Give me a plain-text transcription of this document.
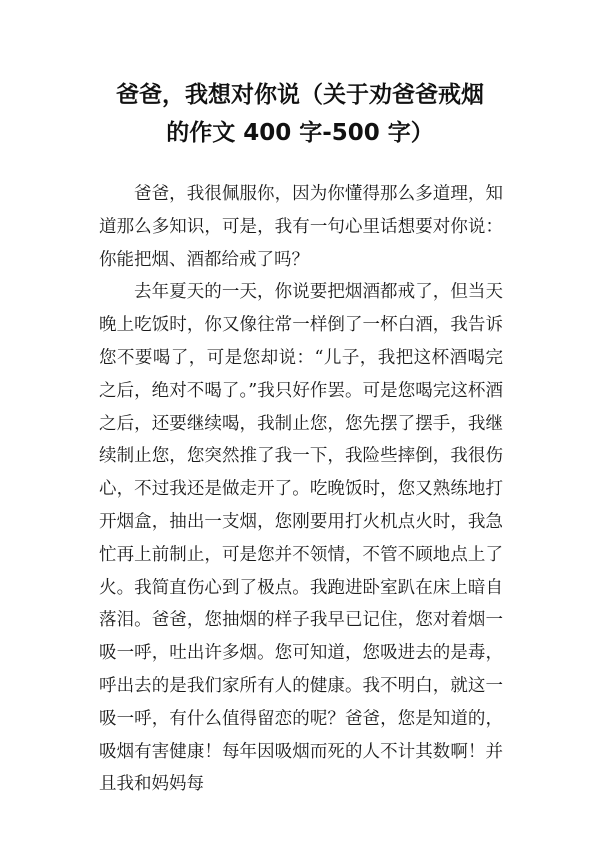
爸爸，我想对你说（关于劝爸爸戒烟
的作文 400 字-500 字）

爸爸，我很佩服你，因为你懂得那么多道理，知道那么多知识，可是，我有一句心里话想要对你说：你能把烟、酒都给戒了吗？

去年夏天的一天，你说要把烟酒都戒了，但当天晚上吃饭时，你又像往常一样倒了一杯白酒，我告诉您不要喝了，可是您却说：“儿子，我把这杯酒喝完之后，绝对不喝了。”我只好作罢。可是您喝完这杯酒之后，还要继续喝，我制止您，您先摆了摆手，我继续制止您，您突然推了我一下，我险些摔倒，我很伤心，不过我还是做走开了。吃晚饭时，您又熟练地打开烟盒，抽出一支烟，您刚要用打火机点火时，我急忙再上前制止，可是您并不领情，不管不顾地点上了火。我简直伤心到了极点。我跑进卧室趴在床上暗自落泪。爸爸，您抽烟的样子我早已记住，您对着烟一吸一呼，吐出许多烟。您可知道，您吸进去的是毒，呼出去的是我们家所有人的健康。我不明白，就这一吸一呼，有什么值得留恋的呢？爸爸，您是知道的，吸烟有害健康！每年因吸烟而死的人不计其数啊！并且我和妈妈每
